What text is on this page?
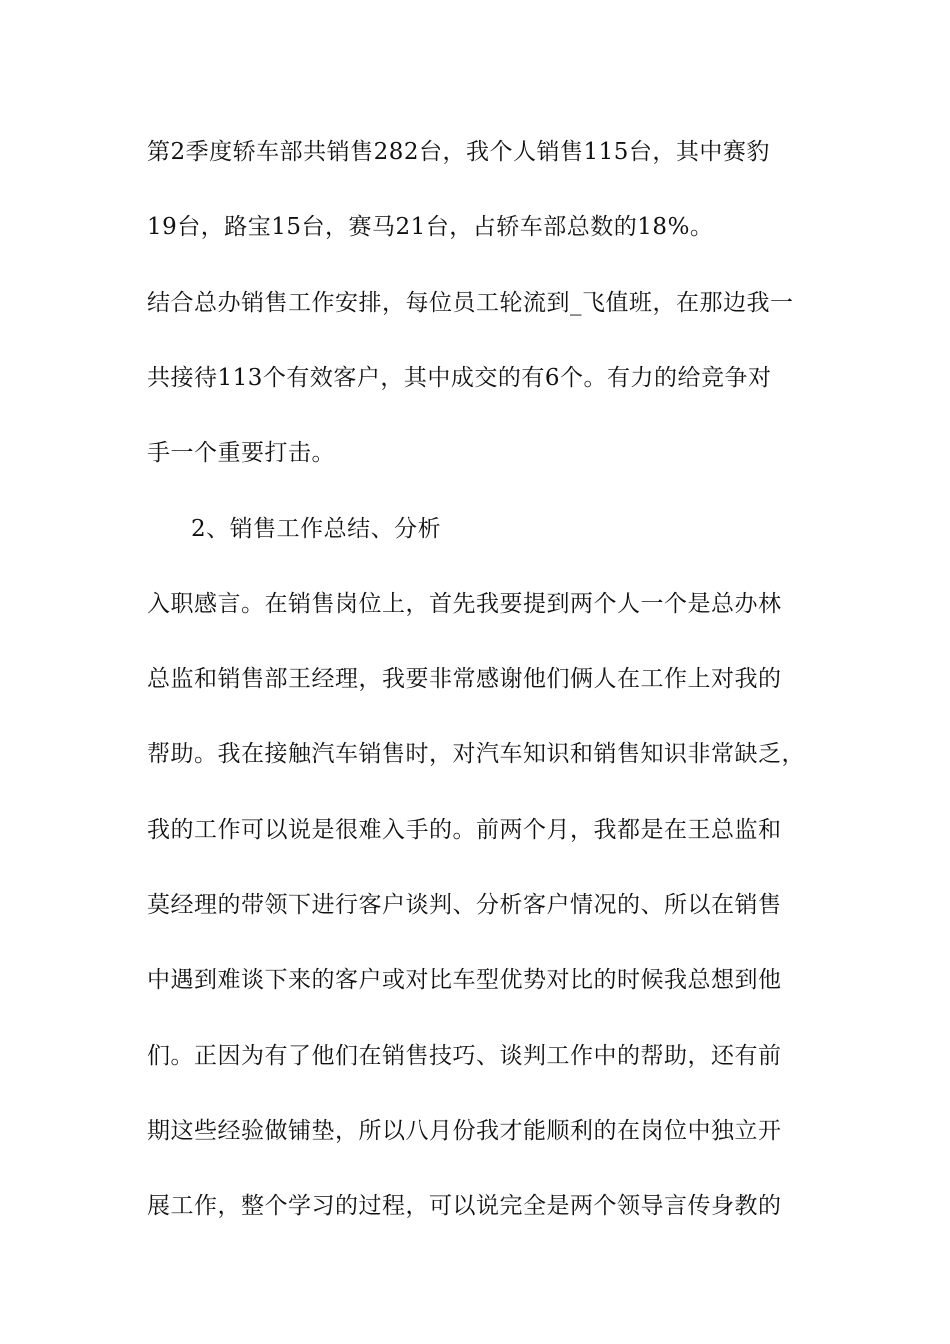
第2季度轿车部共销售282台，我个人销售115台，其中赛豹
19台，路宝15台，赛马21台，占轿车部总数的18%。
结合总办销售工作安排，每位员工轮流到_飞值班，在那边我一
共接待113个有效客户，其中成交的有6个。有力的给竞争对
手一个重要打击。
2、销售工作总结、分析
入职感言。在销售岗位上，首先我要提到两个人一个是总办林
总监和销售部王经理，我要非常感谢他们俩人在工作上对我的
帮助。我在接触汽车销售时，对汽车知识和销售知识非常缺乏，
我的工作可以说是很难入手的。前两个月，我都是在王总监和
莫经理的带领下进行客户谈判、分析客户情况的、所以在销售
中遇到难谈下来的客户或对比车型优势对比的时候我总想到他
们。正因为有了他们在销售技巧、谈判工作中的帮助，还有前
期这些经验做铺垫，所以八月份我才能顺利的在岗位中独立开
展工作，整个学习的过程，可以说完全是两个领导言传身教的
